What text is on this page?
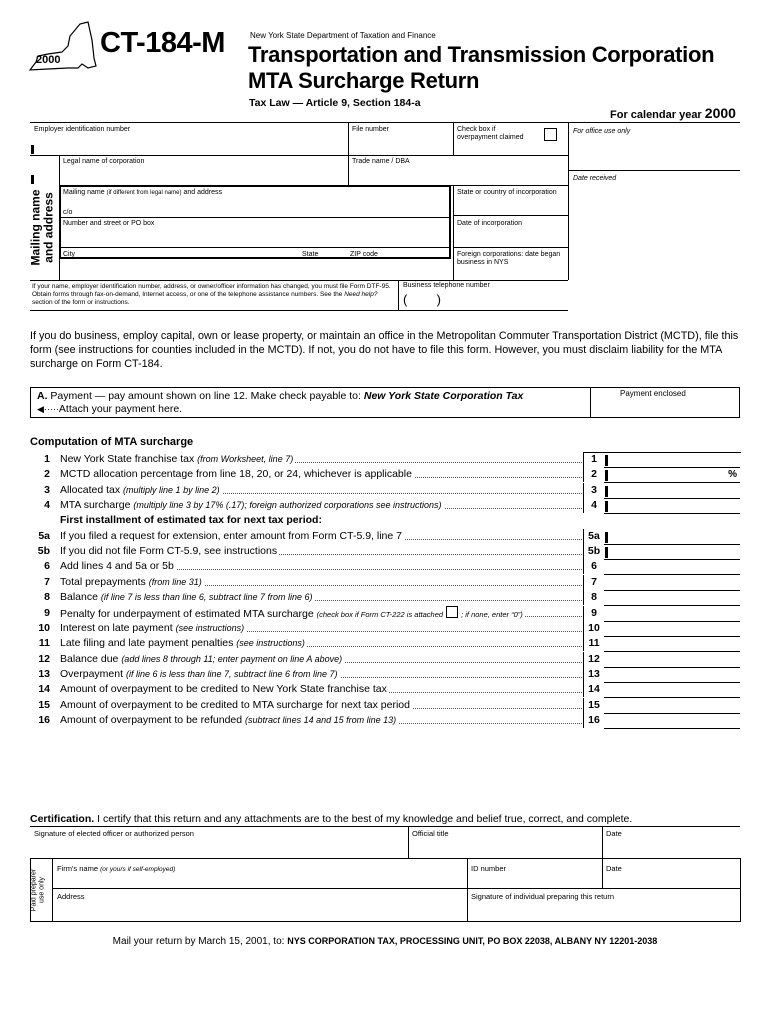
2000
CT-184-M	New York State Department of Taxation and Finance
Transportation and Transmission Corporation
MTA Surcharge Return
Tax Law — Article 9, Section 184-a
For calendar year 2000
Employer identification number	File number	Check box if overpayment claimed
For office use only
Legal name of corporation	Trade name / DBA
Date received
Mailing name and address Mailing name (if different from legal name) and address
c/o
Number and street or PO box
City	State	ZIP code
State or country of incorporation
Date of incorporation
Foreign corporations: date began business in NYS
If your name, employer identification number, address, or owner/officer information has changed, you must file Form DTF-95. Obtain forms through fax-on-demand, Internet access, or one of the telephone assistance numbers. See the Need help? section of the form or instructions.
Business telephone number
( )
If you do business, employ capital, own or lease property, or maintain an office in the Metropolitan Commuter Transportation District (MCTD), file this form (see instructions for counties included in the MCTD). If not, you do not have to file this form. However, you must disclaim liability for the MTA surcharge on Form CT-184.
A. Payment — pay amount shown on line 12. Make check payable to: New York State Corporation Tax
◀·····Attach your payment here.
Payment enclosed
Computation of MTA surcharge
1 New York State franchise tax (from Worksheet, line 7)	1
2 MCTD allocation percentage from line 18, 20, or 24, whichever is applicable	2	%
3 Allocated tax (multiply line 1 by line 2)	3
4 MTA surcharge (multiply line 3 by 17% (.17); foreign authorized corporations see instructions)	4
First installment of estimated tax for next tax period:
5a If you filed a request for extension, enter amount from Form CT-5.9, line 7	5a
5b If you did not file Form CT-5.9, see instructions	5b
6 Add lines 4 and 5a or 5b	6
7 Total prepayments (from line 31)	7
8 Balance (if line 7 is less than line 6, subtract line 7 from line 6)	8
9 Penalty for underpayment of estimated MTA surcharge (check box if Form CT-222 is attached ; if none, enter “0”)	9
10 Interest on late payment (see instructions)	10
11 Late filing and late payment penalties (see instructions)	11
12 Balance due (add lines 8 through 11; enter payment on line A above)	12
13 Overpayment (if line 6 is less than line 7, subtract line 6 from line 7)	13
14 Amount of overpayment to be credited to New York State franchise tax	14
15 Amount of overpayment to be credited to MTA surcharge for next tax period	15
16 Amount of overpayment to be refunded (subtract lines 14 and 15 from line 13)	16
Certification. I certify that this return and any attachments are to the best of my knowledge and belief true, correct, and complete.
Signature of elected officer or authorized person	Official title	Date
Paid preparer use only
Firm's name (or yours if self-employed)	ID number	Date
Address	Signature of individual preparing this return
Mail your return by March 15, 2001, to: NYS CORPORATION TAX, PROCESSING UNIT, PO BOX 22038, ALBANY NY 12201-2038
